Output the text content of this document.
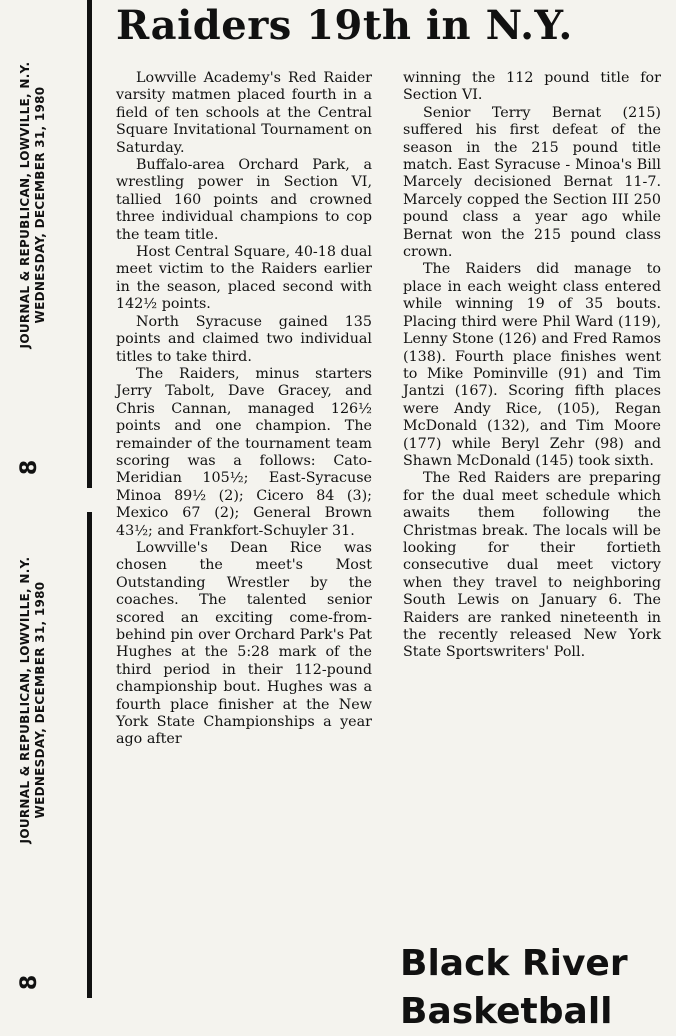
JOURNAL & REPUBLICAN, LOWVILLE, N.Y. WEDNESDAY, DECEMBER 31, 1980
8
JOURNAL & REPUBLICAN, LOWVILLE, N.Y. WEDNESDAY, DECEMBER 31, 1980
8
Raiders 19th in N.Y.

Lowville Academy's Red Raider varsity matmen placed fourth in a field of ten schools at the Central Square Invitational Tournament on Saturday.

Buffalo-area Orchard Park, a wrestling power in Section VI, tallied 160 points and crowned three individual champions to cop the team title.

Host Central Square, 40-18 dual meet victim to the Raiders earlier in the season, placed second with 142½ points.

North Syracuse gained 135 points and claimed two individual titles to take third.

The Raiders, minus starters Jerry Tabolt, Dave Gracey, and Chris Cannan, managed 126½ points and one champion. The remainder of the tournament team scoring was a follows: Cato-Meridian 105½; East-Syracuse Minoa 89½ (2); Cicero 84 (3); Mexico 67 (2); General Brown 43½; and Frankfort-Schuyler 31.

Lowville's Dean Rice was chosen the meet's Most Outstanding Wrestler by the coaches. The talented senior scored an exciting come-from-behind pin over Orchard Park's Pat Hughes at the 5:28 mark of the third period in their 112-pound championship bout. Hughes was a fourth place finisher at the New York State Championships a year ago after

winning the 112 pound title for Section VI.

Senior Terry Bernat (215) suffered his first defeat of the season in the 215 pound title match. East Syracuse - Minoa's Bill Marcely decisioned Bernat 11-7. Marcely copped the Section III 250 pound class a year ago while Bernat won the 215 pound class crown.

The Raiders did manage to place in each weight class entered while winning 19 of 35 bouts. Placing third were Phil Ward (119), Lenny Stone (126) and Fred Ramos (138). Fourth place finishes went to Mike Pominville (91) and Tim Jantzi (167). Scoring fifth places were Andy Rice, (105), Regan McDonald (132), and Tim Moore (177) while Beryl Zehr (98) and Shawn McDonald (145) took sixth.

The Red Raiders are preparing for the dual meet schedule which awaits them following the Christmas break. The locals will be looking for their fortieth consecutive dual meet victory when they travel to neighboring South Lewis on January 6. The Raiders are ranked nineteenth in the recently released New York State Sportswriters' Poll.

Black River
Basketball
